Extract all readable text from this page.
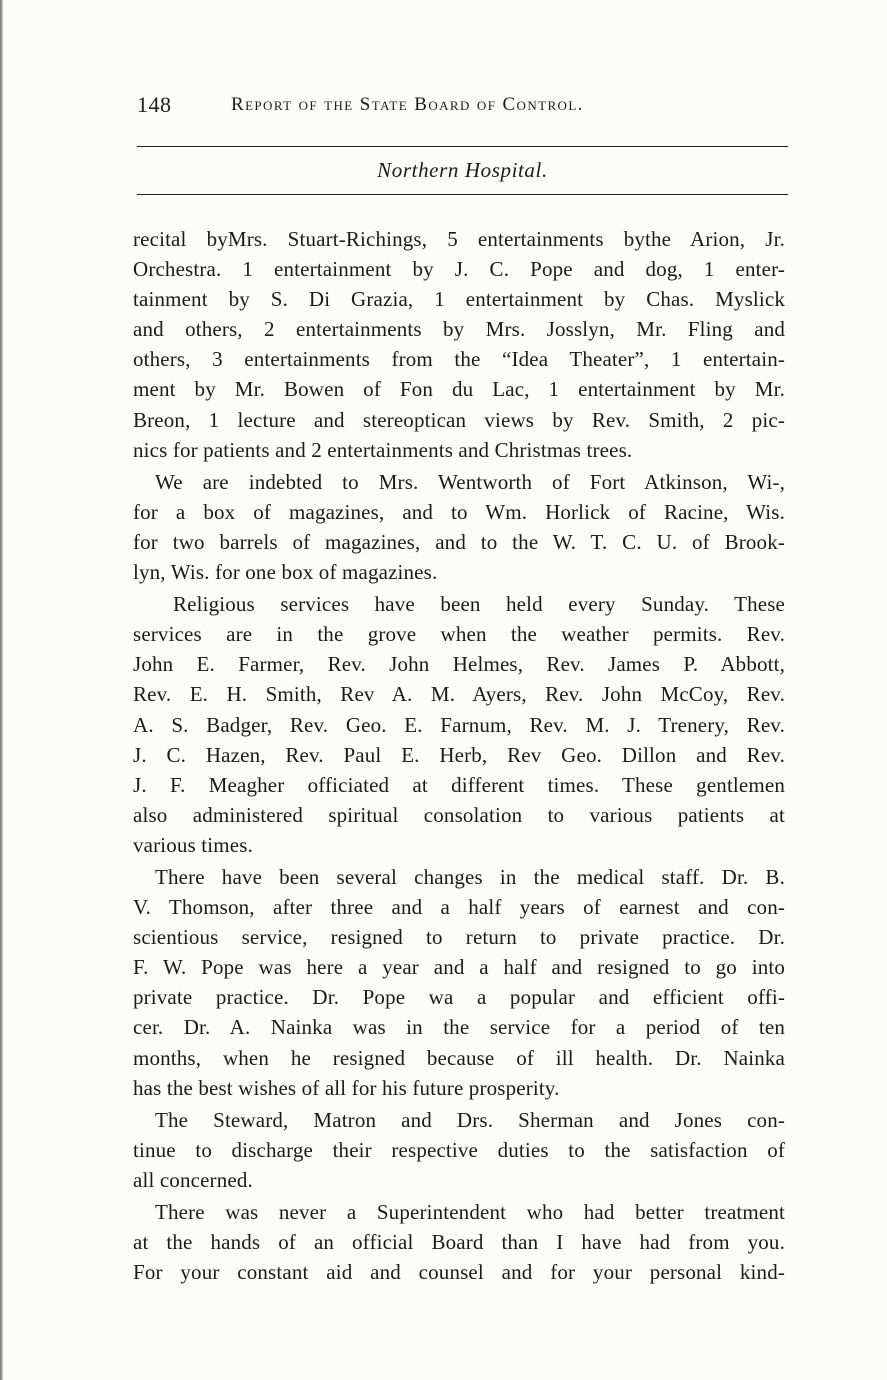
148	Report of the State Board of Control.
Northern Hospital.
recital byMrs. Stuart-Richings, 5 entertainments bythe Arion, Jr.
Orchestra. 1 entertainment by J. C. Pope and dog, 1 enter-
tainment by S. Di Grazia, 1 entertainment by Chas. Myslick
and others, 2 entertainments by Mrs. Josslyn, Mr. Fling and
others, 3 entertainments from the “Idea Theater”, 1 entertain-
ment by Mr. Bowen of Fon du Lac, 1 entertainment by Mr.
Breon, 1 lecture and stereoptican views by Rev. Smith, 2 pic-
nics for patients and 2 entertainments and Christmas trees.
We are indebted to Mrs. Wentworth of Fort Atkinson, Wi-,
for a box of magazines, and to Wm. Horlick of Racine, Wis.
for two barrels of magazines, and to the W. T. C. U. of Brook-
lyn, Wis. for one box of magazines.
Religious services have been held every Sunday. These
services are in the grove when the weather permits. Rev.
John E. Farmer, Rev. John Helmes, Rev. James P. Abbott,
Rev. E. H. Smith, Rev A. M. Ayers, Rev. John McCoy, Rev.
A. S. Badger, Rev. Geo. E. Farnum, Rev. M. J. Trenery, Rev.
J. C. Hazen, Rev. Paul E. Herb, Rev Geo. Dillon and Rev.
J. F. Meagher officiated at different times. These gentlemen
also administered spiritual consolation to various patients at
various times.
There have been several changes in the medical staff. Dr. B.
V. Thomson, after three and a half years of earnest and con-
scientious service, resigned to return to private practice. Dr.
F. W. Pope was here a year and a half and resigned to go into
private practice. Dr. Pope wa a popular and efficient offi-
cer. Dr. A. Nainka was in the service for a period of ten
months, when he resigned because of ill health. Dr. Nainka
has the best wishes of all for his future prosperity.
The Steward, Matron and Drs. Sherman and Jones con-
tinue to discharge their respective duties to the satisfaction of
all concerned.
There was never a Superintendent who had better treatment
at the hands of an official Board than I have had from you.
For your constant aid and counsel and for your personal kind-
